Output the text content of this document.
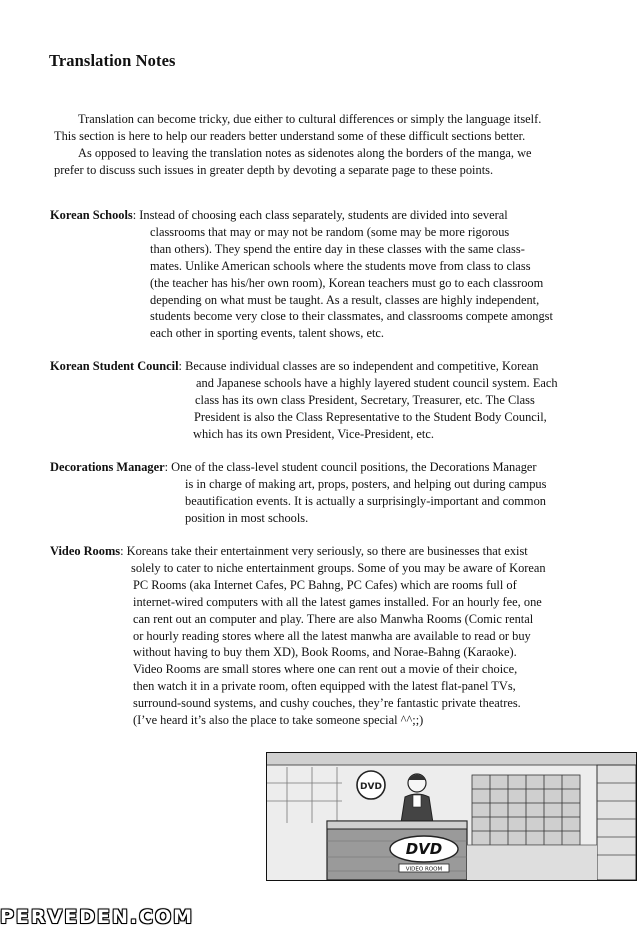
Translation Notes
Translation can become tricky, due either to cultural differences or simply the language itself.
This section is here to help our readers better understand some of these difficult sections better.
As opposed to leaving the translation notes as sidenotes along the borders of the manga, we
prefer to discuss such issues in greater depth by devoting a separate page to these points.
Korean Schools: Instead of choosing each class separately, students are divided into several
classrooms that may or may not be random (some may be more rigorous
than others). They spend the entire day in these classes with the same class-
mates. Unlike American schools where the students move from class to class
(the teacher has his/her own room), Korean teachers must go to each classroom
depending on what must be taught. As a result, classes are highly independent,
students become very close to their classmates, and classrooms compete amongst
each other in sporting events, talent shows, etc.
Korean Student Council: Because individual classes are so independent and competitive, Korean
and Japanese schools have a highly layered student council system. Each
class has its own class President, Secretary, Treasurer, etc. The Class
President is also the Class Representative to the Student Body Council,
which has its own President, Vice-President, etc.
Decorations Manager: One of the class-level student council positions, the Decorations Manager
is in charge of making art, props, posters, and helping out during campus
beautification events. It is actually a surprisingly-important and common
position in most schools.
Video Rooms: Koreans take their entertainment very seriously, so there are businesses that exist
solely to cater to niche entertainment groups. Some of you may be aware of Korean
PC Rooms (aka Internet Cafes, PC Bahng, PC Cafes) which are rooms full of
internet-wired computers with all the latest games installed. For an hourly fee, one
can rent out an computer and play. There are also Manwha Rooms (Comic rental
or hourly reading stores where all the latest manwha are available to read or buy
without having to buy them XD), Book Rooms, and Norae-Bahng (Karaoke).
Video Rooms are small stores where one can rent out a movie of their choice,
then watch it in a private room, often equipped with the latest flat-panel TVs,
surround-sound systems, and cushy couches, they’re fantastic private theatres.
(I’ve heard it’s also the place to take someone special ^^;;)
DVD
DVD
VIDEO ROOM
PERVEDEN.COM
